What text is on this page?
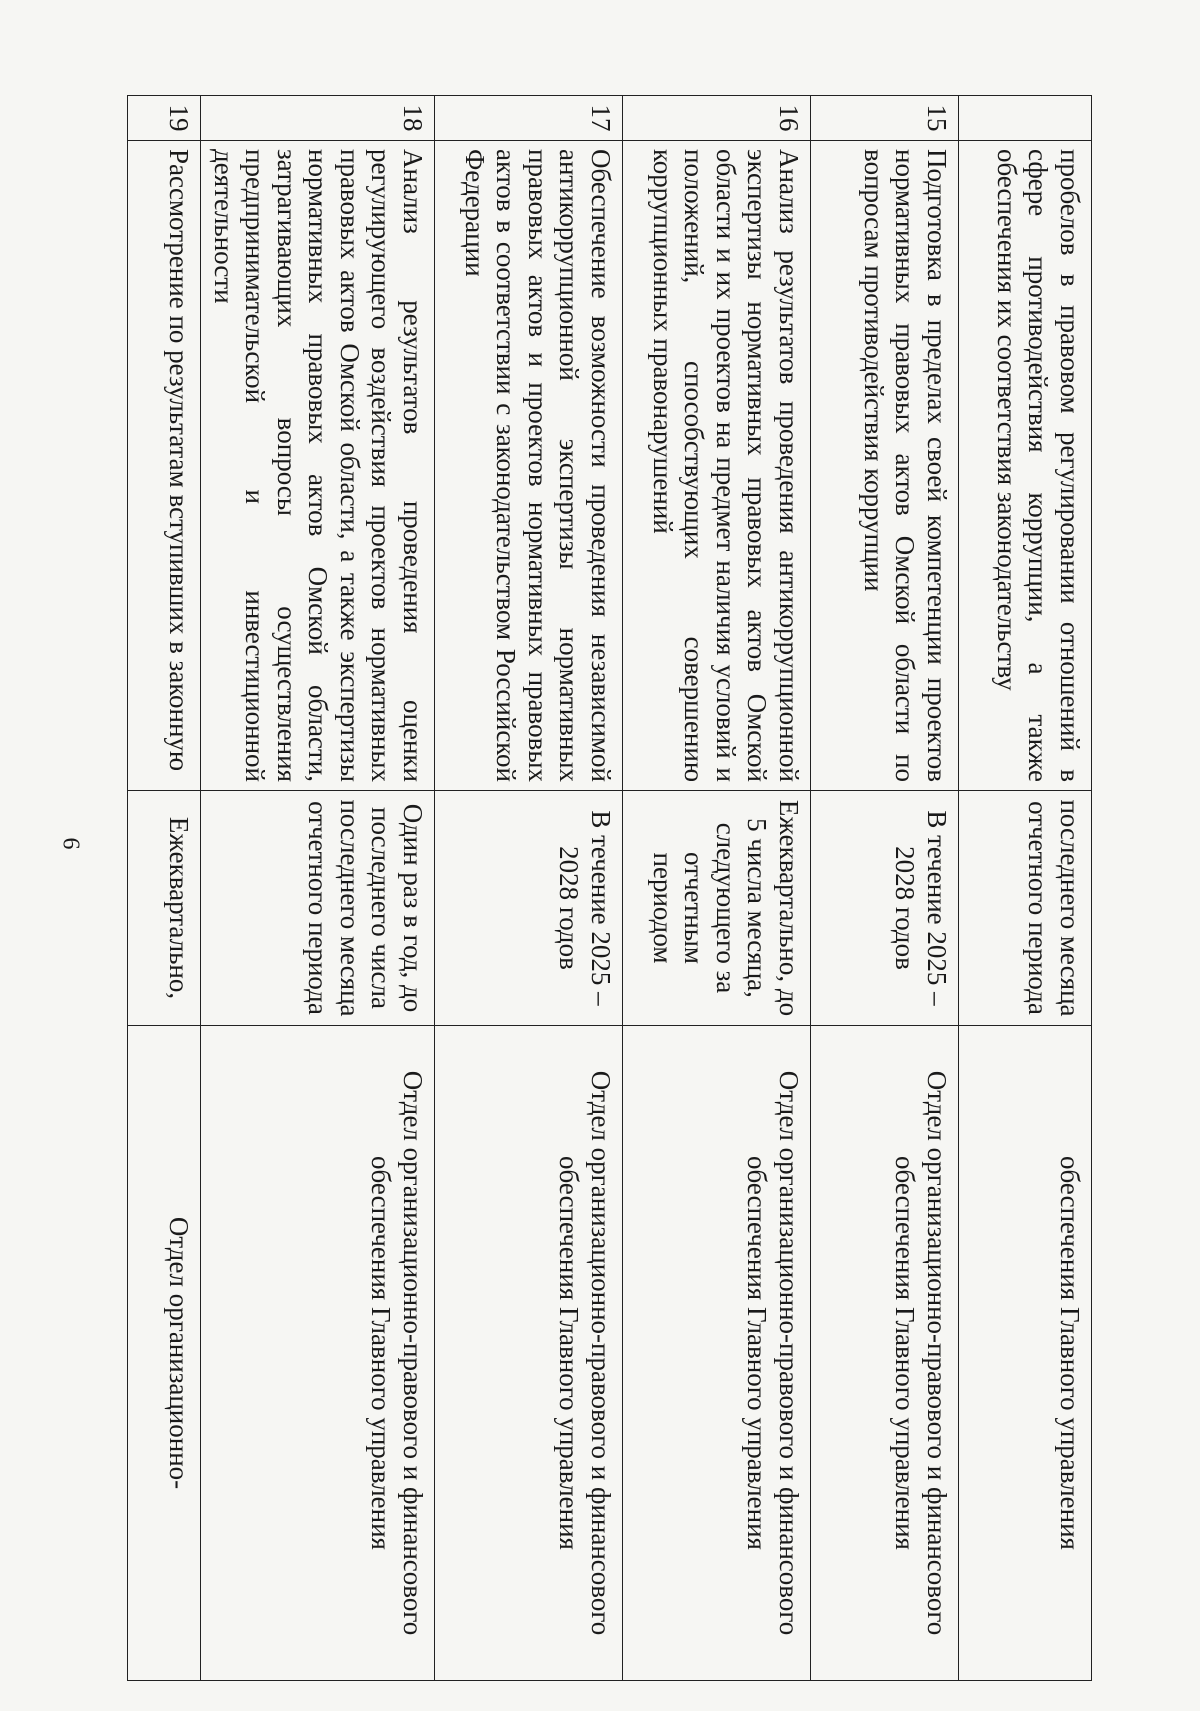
6
	пробелов в правовом регулировании отношений в сфере противодействия коррупции, а также обеспечения их соответствия законодательству	последнего месяца отчетного периода	обеспечения Главного управления
15	Подготовка в пределах своей компетенции проектов нормативных правовых актов Омской области по вопросам противодействия коррупции	В течение 2025 – 2028 годов	Отдел организационно-правового и финансового обеспечения Главного управления
16	Анализ результатов проведения антикоррупционной экспертизы нормативных правовых актов Омской области и их проектов на предмет наличия условий и положений, способствующих совершению коррупционных правонарушений	Ежеквартально, до 5 числа месяца, следующего за отчетным периодом	Отдел организационно-правового и финансового обеспечения Главного управления
17	Обеспечение возможности проведения независимой антикоррупционной экспертизы нормативных правовых актов и проектов нормативных правовых актов в соответствии с законодательством Российской Федерации	В течение 2025 – 2028 годов	Отдел организационно-правового и финансового обеспечения Главного управления
18	Анализ результатов проведения оценки регулирующего воздействия проектов нормативных правовых актов Омской области, а также экспертизы нормативных правовых актов Омской области, затрагивающих вопросы осуществления предпринимательской и инвестиционной деятельности	Один раз в год, до последнего числа последнего месяца отчетного периода	Отдел организационно-правового и финансового обеспечения Главного управления
19	Рассмотрение по результатам вступивших в законную	Ежеквартально,	Отдел организационно-
